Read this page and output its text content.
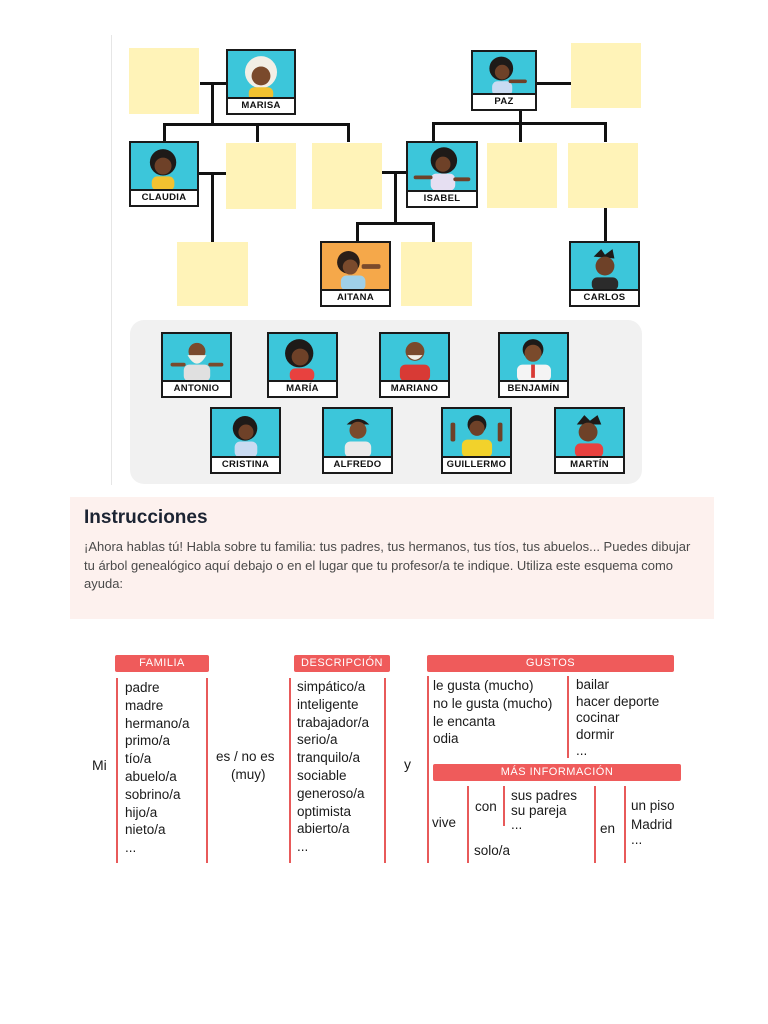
MARISA	PAZ
CLAUDIA	ISABEL
AITANA	CARLOS
ANTONIO	MARÍA	MARIANO	BENJAMÍN
CRISTINA	ALFREDO	GUILLERMO	MARTÍN
Instrucciones

¡Ahora hablas tú! Habla sobre tu familia: tus padres, tus hermanos, tus tíos, tus abuelos... Puedes dibujar tu árbol genealógico aquí debajo o en el lugar que tu profesor/a te indique. Utiliza este esquema como ayuda:

Mi
FAMILIA
padre
madre
hermano/a
primo/a
tío/a
abuelo/a
sobrino/a
hijo/a
nieto/a
...
es / no es
(muy)
DESCRIPCIÓN
simpático/a
inteligente
trabajador/a
serio/a
tranquilo/a
sociable
generoso/a
optimista
abierto/a
...
y
GUSTOS
le gusta (mucho)
no le gusta (mucho)
le encanta
odia
bailar
hacer deporte
cocinar
dormir
...
MÁS INFORMACIÓN
vive
con
sus padres
su pareja
...
solo/a
en
un piso
Madrid
...
